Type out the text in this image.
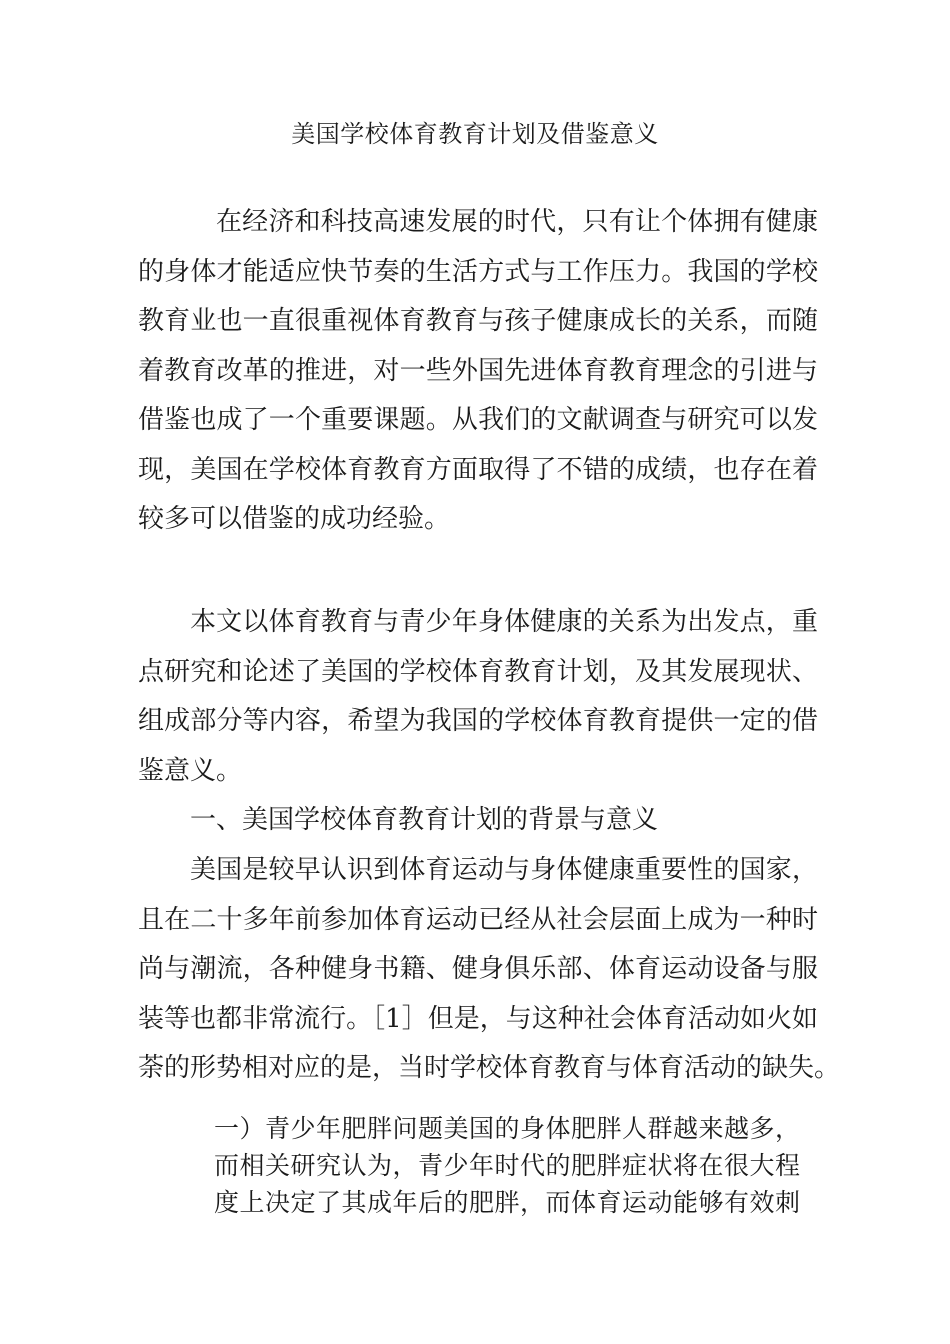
美国学校体育教育计划及借鉴意义
在经济和科技高速发展的时代，只有让个体拥有健康
的身体才能适应快节奏的生活方式与工作压力。我国的学校
教育业也一直很重视体育教育与孩子健康成长的关系，而随
着教育改革的推进，对一些外国先进体育教育理念的引进与
借鉴也成了一个重要课题。从我们的文献调查与研究可以发
现，美国在学校体育教育方面取得了不错的成绩，也存在着
较多可以借鉴的成功经验。
本文以体育教育与青少年身体健康的关系为出发点，重
点研究和论述了美国的学校体育教育计划，及其发展现状、
组成部分等内容，希望为我国的学校体育教育提供一定的借
鉴意义。
一、美国学校体育教育计划的背景与意义
美国是较早认识到体育运动与身体健康重要性的国家，
且在二十多年前参加体育运动已经从社会层面上成为一种时
尚与潮流，各种健身书籍、健身俱乐部、体育运动设备与服
装等也都非常流行。［1］但是，与这种社会体育活动如火如
荼的形势相对应的是，当时学校体育教育与体育活动的缺失。
一）青少年肥胖问题美国的身体肥胖人群越来越多，
而相关研究认为，青少年时代的肥胖症状将在很大程
度上决定了其成年后的肥胖，而体育运动能够有效刺
